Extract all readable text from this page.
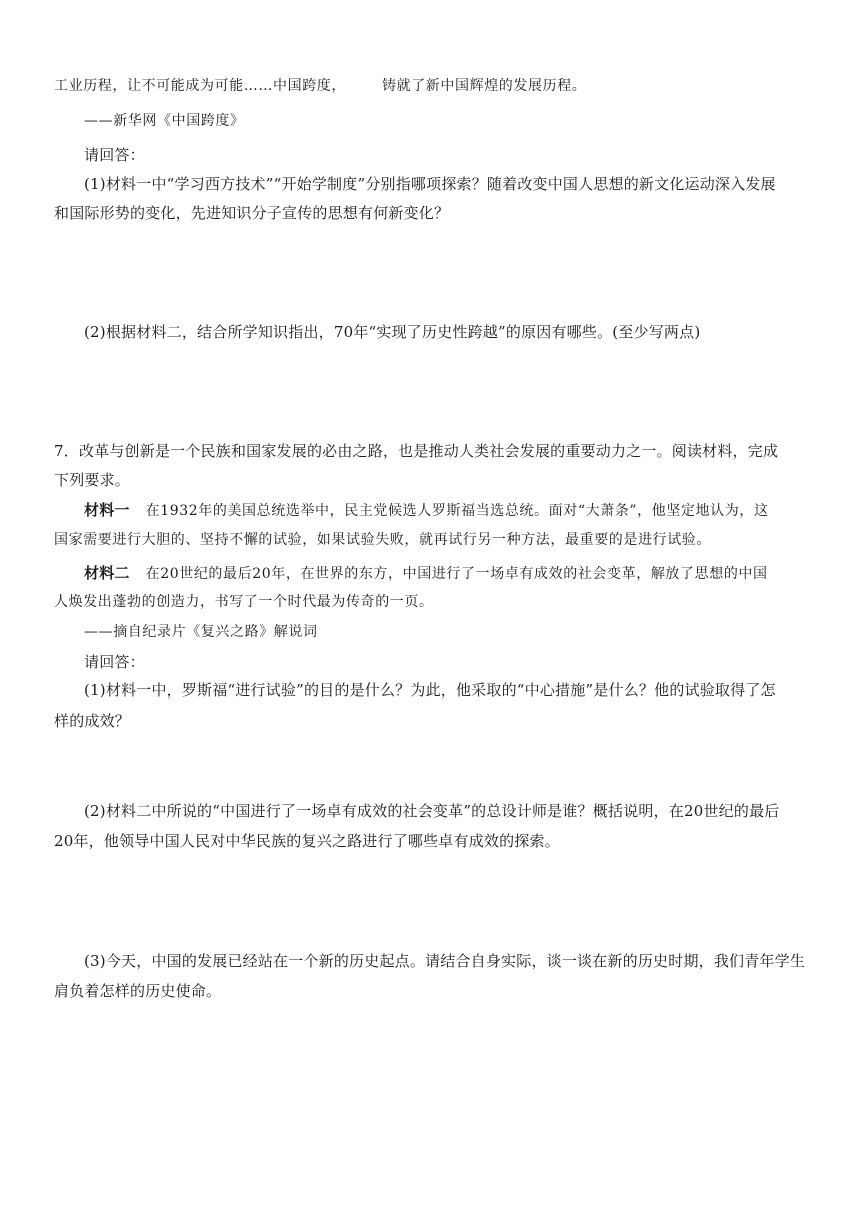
工业历程，让不可能成为可能……中国跨度，	铸就了新中国辉煌的发展历程。
——新华网《中国跨度》
请回答：
(1)材料一中“学习西方技术”“开始学制度”分别指哪项探索？随着改变中国人思想的新文化运动深入发展
和国际形势的变化，先进知识分子宣传的思想有何新变化？
(2)根据材料二，结合所学知识指出，70年“实现了历史性跨越”的原因有哪些。(至少写两点)
7．改革与创新是一个民族和国家发展的必由之路，也是推动人类社会发展的重要动力之一。阅读材料，完成
下列要求。
材料一 在1932年的美国总统选举中，民主党候选人罗斯福当选总统。面对“大萧条”，他坚定地认为，这
国家需要进行大胆的、坚持不懈的试验，如果试验失败，就再试行另一种方法，最重要的是进行试验。
材料二 在20世纪的最后20年，在世界的东方，中国进行了一场卓有成效的社会变革，解放了思想的中国
人焕发出蓬勃的创造力，书写了一个时代最为传奇的一页。
——摘自纪录片《复兴之路》解说词
请回答：
(1)材料一中，罗斯福“进行试验”的目的是什么？为此，他采取的“中心措施”是什么？他的试验取得了怎
样的成效？
(2)材料二中所说的“中国进行了一场卓有成效的社会变革”的总设计师是谁？概括说明，在20世纪的最后
20年，他领导中国人民对中华民族的复兴之路进行了哪些卓有成效的探索。
(3)今天，中国的发展已经站在一个新的历史起点。请结合自身实际，谈一谈在新的历史时期，我们青年学生
肩负着怎样的历史使命。
